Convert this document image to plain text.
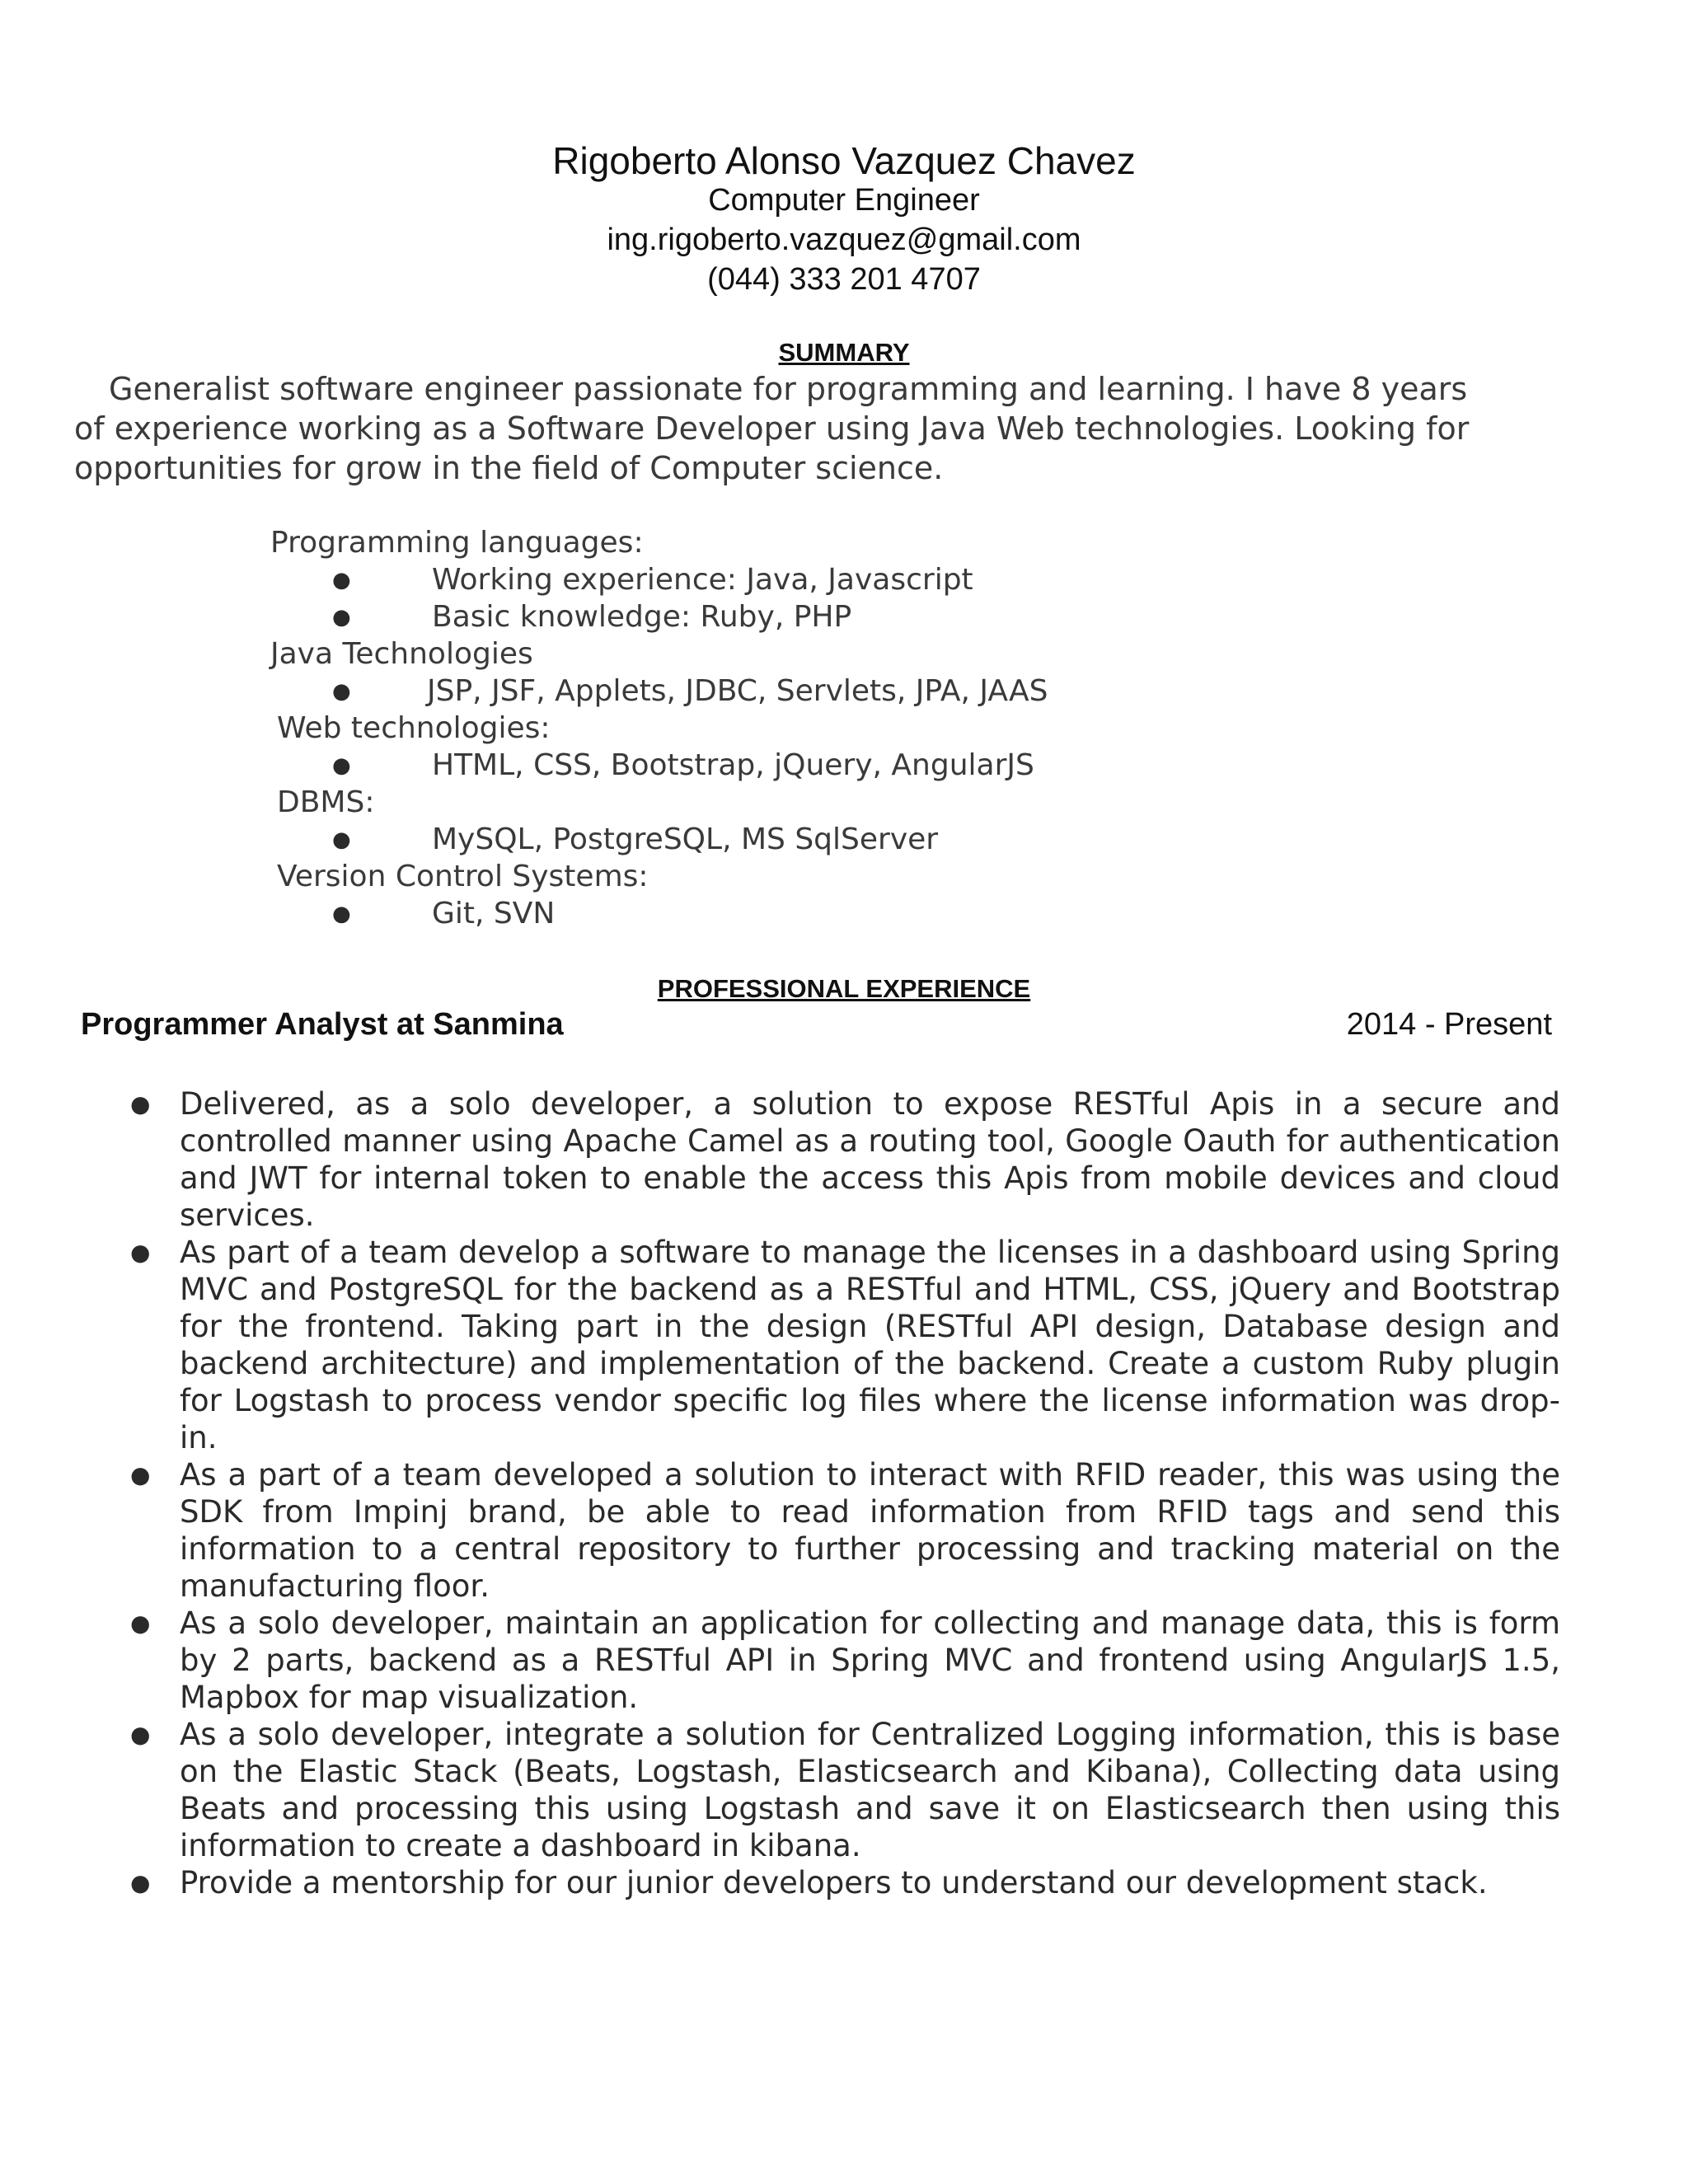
Rigoberto Alonso Vazquez Chavez
Computer Engineer
ing.rigoberto.vazquez@gmail.com
(044) 333 201 4707
SUMMARY
Generalist software engineer passionate for programming and learning. I have 8 years
of experience working as a Software Developer using Java Web technologies. Looking for opportunities for grow in the field of Computer science.
Programming languages:
●	Working experience: Java, Javascript
●	Basic knowledge: Ruby, PHP
Java Technologies
●	JSP, JSF, Applets, JDBC, Servlets, JPA, JAAS
Web technologies:
●	HTML, CSS, Bootstrap, jQuery, AngularJS
DBMS:
●	MySQL, PostgreSQL, MS SqlServer
Version Control Systems:
●	Git, SVN
PROFESSIONAL EXPERIENCE
Programmer Analyst at Sanmina	2014 - Present
● Delivered, as a solo developer, a solution to expose RESTful Apis in a secure and controlled manner using Apache Camel as a routing tool, Google Oauth for authentication and JWT for internal token to enable the access this Apis from mobile devices and cloud services.
● As part of a team develop a software to manage the licenses in a dashboard using Spring MVC and PostgreSQL for the backend as a RESTful and HTML, CSS, jQuery and Bootstrap for the frontend. Taking part in the design (RESTful API design, Database design and backend architecture) and implementation of the backend. Create a custom Ruby plugin for Logstash to process vendor specific log files where the license information was drop-in.
● As a part of a team developed a solution to interact with RFID reader, this was using the SDK from Impinj brand, be able to read information from RFID tags and send this information to a central repository to further processing and tracking material on the manufacturing floor.
● As a solo developer, maintain an application for collecting and manage data, this is form by 2 parts, backend as a RESTful API in Spring MVC and frontend using AngularJS 1.5, Mapbox for map visualization.
● As a solo developer, integrate a solution for Centralized Logging information, this is base on the Elastic Stack (Beats, Logstash, Elasticsearch and Kibana), Collecting data using Beats and processing this using Logstash and save it on Elasticsearch then using this information to create a dashboard in kibana.
● Provide a mentorship for our junior developers to understand our development stack.
